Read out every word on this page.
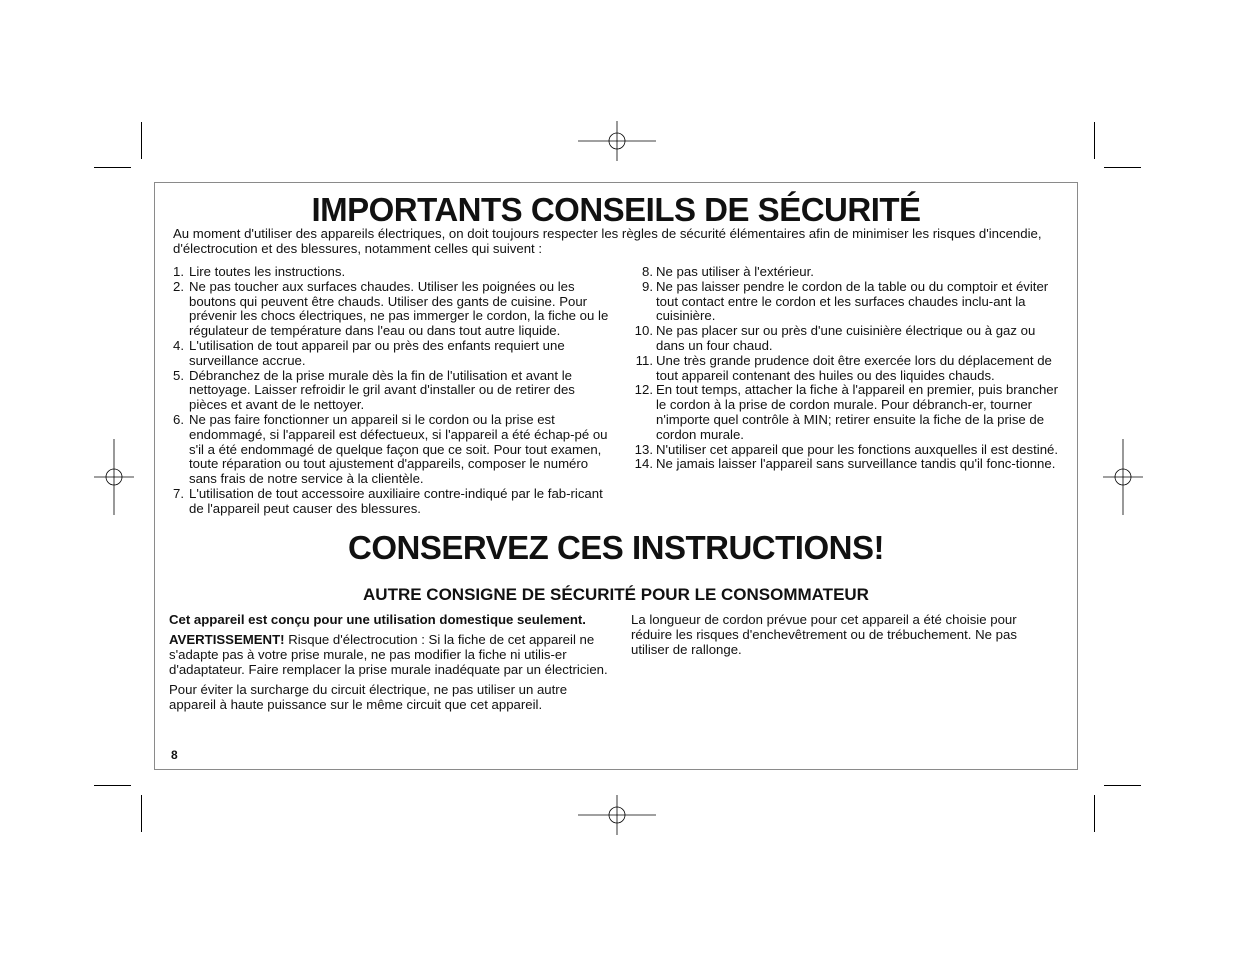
IMPORTANTS CONSEILS DE SÉCURITÉ

Au moment d'utiliser des appareils électriques, on doit toujours respecter les règles de sécurité élémentaires afin de minimiser les risques d'incendie, d'électrocution et des blessures, notamment celles qui suivent :

1. Lire toutes les instructions.
2. Ne pas toucher aux surfaces chaudes. Utiliser les poignées ou les boutons qui peuvent être chauds. Utiliser des gants de cuisine. Pour prévenir les chocs électriques, ne pas immerger le cordon, la fiche ou le régulateur de température dans l'eau ou dans tout autre liquide.
4. L'utilisation de tout appareil par ou près des enfants requiert une surveillance accrue.
5. Débranchez de la prise murale dès la fin de l'utilisation et avant le nettoyage. Laisser refroidir le gril avant d'installer ou de retirer des pièces et avant de le nettoyer.
6. Ne pas faire fonctionner un appareil si le cordon ou la prise est endommagé, si l'appareil est défectueux, si l'appareil a été échap-pé ou s'il a été endommagé de quelque façon que ce soit. Pour tout examen, toute réparation ou tout ajustement d'appareils, composer le numéro sans frais de notre service à la clientèle.
7. L'utilisation de tout accessoire auxiliaire contre-indiqué par le fab-ricant de l'appareil peut causer des blessures.
8. Ne pas utiliser à l'extérieur.
9. Ne pas laisser pendre le cordon de la table ou du comptoir et éviter tout contact entre le cordon et les surfaces chaudes inclu-ant la cuisinière.
10. Ne pas placer sur ou près d'une cuisinière électrique ou à gaz ou dans un four chaud.
11. Une très grande prudence doit être exercée lors du déplacement de tout appareil contenant des huiles ou des liquides chauds.
12. En tout temps, attacher la fiche à l'appareil en premier, puis brancher le cordon à la prise de cordon murale. Pour débranch-er, tourner n'importe quel contrôle à MIN; retirer ensuite la fiche de la prise de cordon murale.
13. N'utiliser cet appareil que pour les fonctions auxquelles il est destiné.
14. Ne jamais laisser l'appareil sans surveillance tandis qu'il fonc-tionne.
CONSERVEZ CES INSTRUCTIONS!
AUTRE CONSIGNE DE SÉCURITÉ POUR LE CONSOMMATEUR

Cet appareil est conçu pour une utilisation domestique seulement.

AVERTISSEMENT! Risque d'électrocution : Si la fiche de cet appareil ne s'adapte pas à votre prise murale, ne pas modifier la fiche ni utilis-er d'adaptateur. Faire remplacer la prise murale inadéquate par un électricien.

Pour éviter la surcharge du circuit électrique, ne pas utiliser un autre appareil à haute puissance sur le même circuit que cet appareil.

La longueur de cordon prévue pour cet appareil a été choisie pour réduire les risques d'enchevêtrement ou de trébuchement. Ne pas utiliser de rallonge.

8
